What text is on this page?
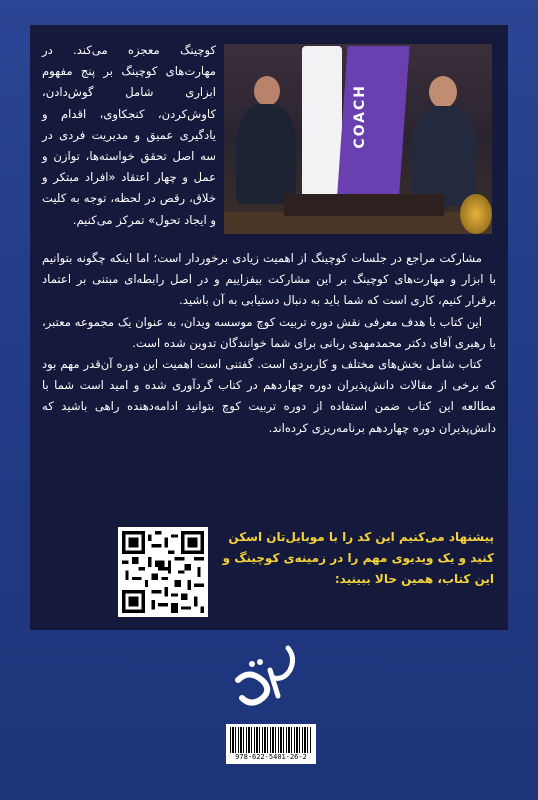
COACH
کوچینگ معجزه می‌کند. در مهارت‌های کوچینگ بر پنج مفهوم ابزاری شامل گوش‌دادن، کاوش‌کردن، کنجکاوی، اقدام و یادگیری عمیق و مدیریت فردی در سه اصل تحقق خواسته‌ها، توازن و عمل و چهار اعتقاد «افراد مبتکر و خلاق، رقص در لحظه، توجه به کلیت و ایجاد تحول» تمرکز می‌کنیم.

مشارکت مراجع در جلسات کوچینگ از اهمیت زیادی برخوردار است؛ اما اینکه چگونه بتوانیم با ابزار و مهارت‌های کوچینگ بر این مشارکت بیفزاییم و در اصل رابطه‌ای مبتنی بر اعتماد برقرار کنیم، کاری است که شما باید به دنبال دستیابی به آن باشید.

این کتاب با هدف معرفی نقش دوره تربیت کوچ موسسه ویدان، به عنوان یک مجموعه معتبر، با رهبری آقای دکتر محمدمهدی ربانی برای شما خوانندگان تدوین شده است.

کتاب شامل بخش‌های مختلف و کاربردی است. گفتنی است اهمیت این دوره آن‌قدر مهم بود که برخی از مقالات دانش‌پذیران دوره چهاردهم در کتاب گردآوری شده و امید است شما با مطالعه این کتاب ضمن استفاده از دوره تربیت کوچ بتوانید ادامه‌دهنده راهی باشید که دانش‌پذیران دوره چهاردهم برنامه‌ریزی کرده‌اند.

پیشنهاد می‌کنیم این کد را با موبایل‌تان اسکن کنید و یک ویدیوی مهم را در زمینه‌ی کوچینگ و این کتاب، همین حالا ببینید:
978-622-5401-26-2
